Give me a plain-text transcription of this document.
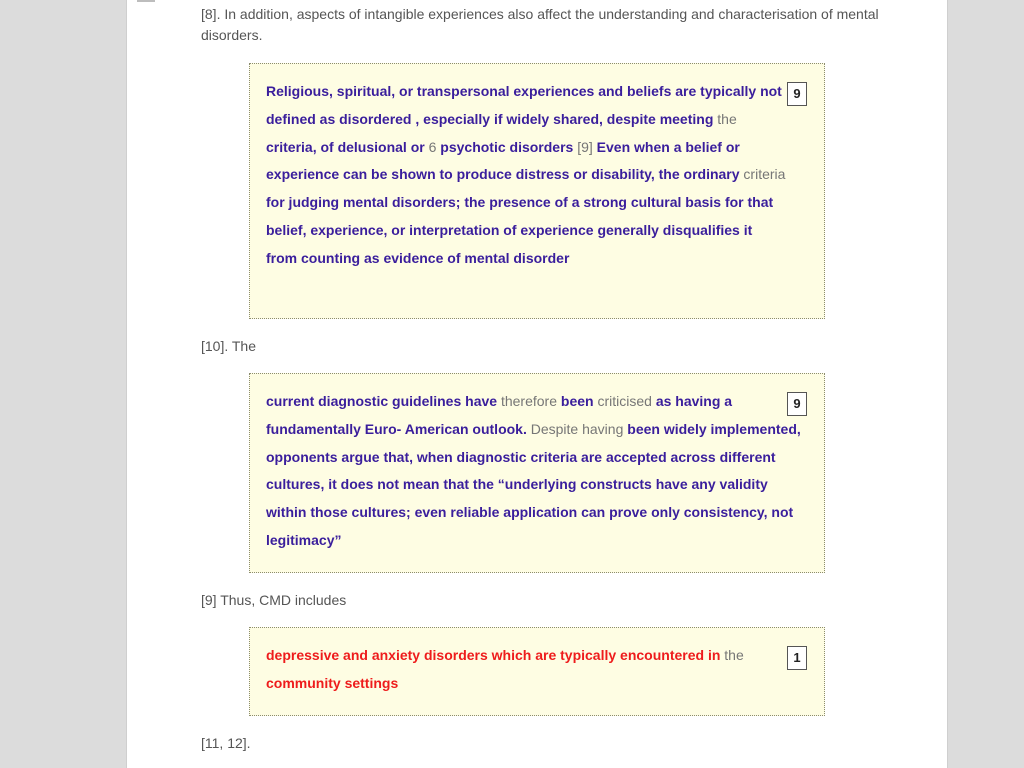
[8]. In addition, aspects of intangible experiences also affect the understanding and characterisation of mental disorders.
Religious, spiritual, or transpersonal experiences and beliefs are typically not defined as disordered , especially if widely shared, despite meeting the criteria, of delusional or 6 psychotic disorders [9] Even when a belief or experience can be shown to produce distress or disability, the ordinary criteria for judging mental disorders; the presence of a strong cultural basis for that belief, experience, or interpretation of experience generally disqualifies it from counting as evidence of mental disorder
9
[10]. The
current diagnostic guidelines have therefore been criticised as having a fundamentally Euro- American outlook. Despite having been widely implemented, opponents argue that, when diagnostic criteria are accepted across different cultures, it does not mean that the “underlying constructs have any validity within those cultures; even reliable application can prove only consistency, not legitimacy”
9
[9] Thus, CMD includes
depressive and anxiety disorders which are typically encountered in the community settings
1
[11, 12].
